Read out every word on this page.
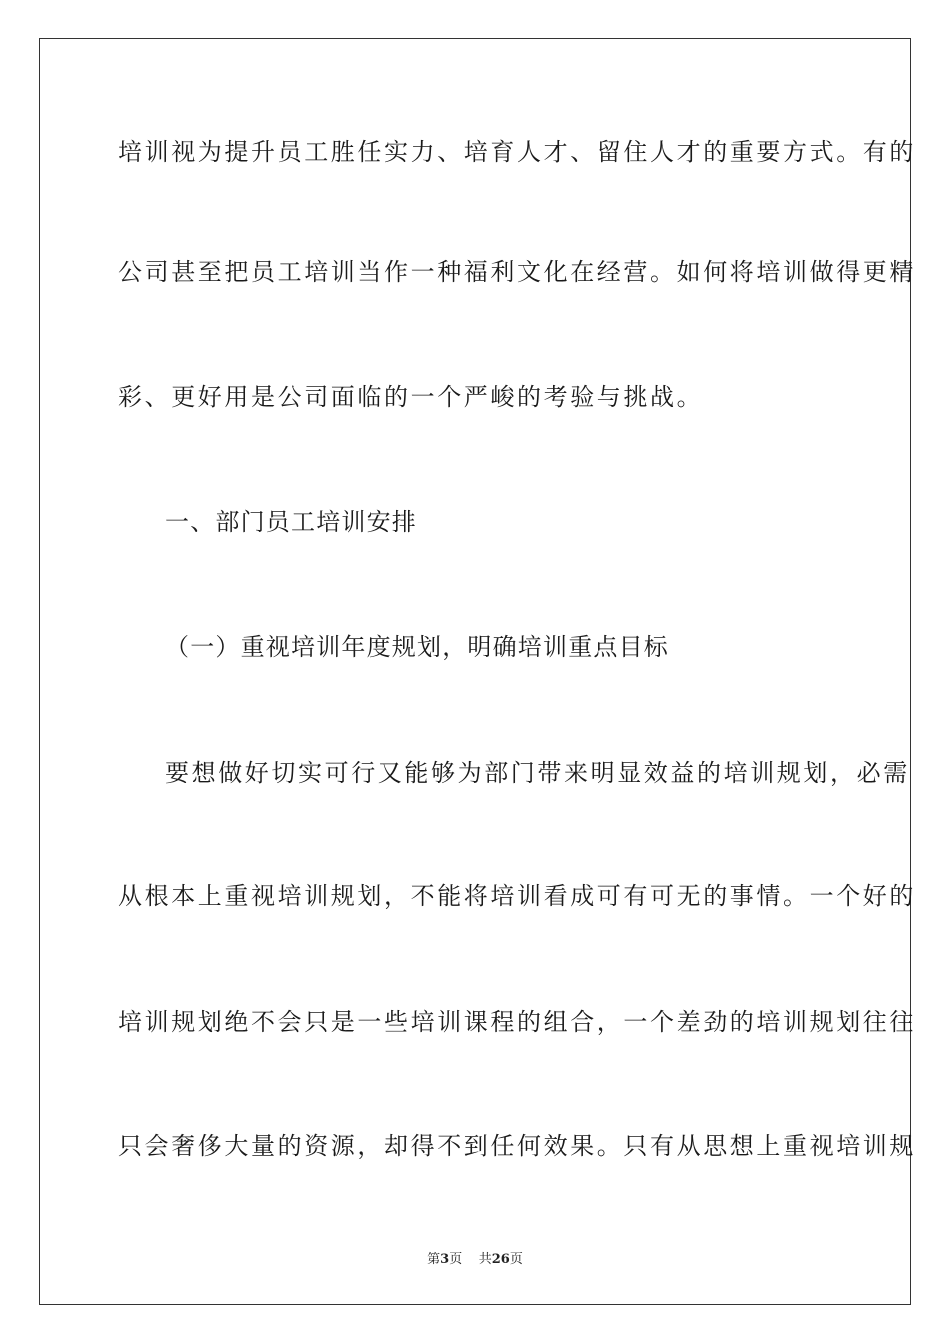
培训视为提升员工胜任实力、培育人才、留住人才的重要方式。有的
公司甚至把员工培训当作一种福利文化在经营。如何将培训做得更精
彩、更好用是公司面临的一个严峻的考验与挑战。
一、部门员工培训安排
（一）重视培训年度规划，明确培训重点目标
要想做好切实可行又能够为部门带来明显效益的培训规划，必需
从根本上重视培训规划，不能将培训看成可有可无的事情。一个好的
培训规划绝不会只是一些培训课程的组合，一个差劲的培训规划往往
只会奢侈大量的资源，却得不到任何效果。只有从思想上重视培训规
第3页 共26页
